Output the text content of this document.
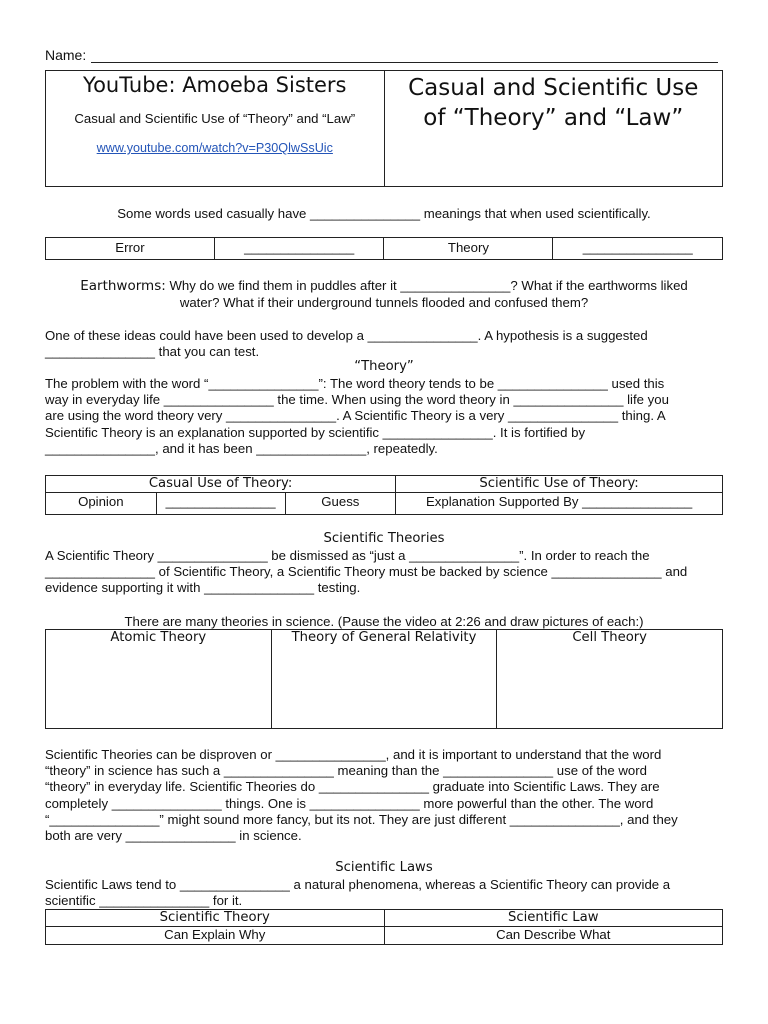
Name:
YouTube: Amoeba Sisters
Casual and Scientific Use of “Theory” and “Law”
www.youtube.com/watch?v=P30QlwSsUic

Casual and Scientific Use
of “Theory” and “Law”
Some words used casually have _______________ meanings that when used scientifically.
Error	_______________	Theory	_______________
Earthworms: Why do we find them in puddles after it _______________? What if the earthworms liked
water? What if their underground tunnels flooded and confused them?
One of these ideas could have been used to develop a _______________. A hypothesis is a suggested
_______________ that you can test.
“Theory”
The problem with the word “_______________”: The word theory tends to be _______________ used this
way in everyday life _______________ the time. When using the word theory in _______________ life you
are using the word theory very _______________. A Scientific Theory is a very _______________ thing. A
Scientific Theory is an explanation supported by scientific _______________. It is fortified by
_______________, and it has been _______________, repeatedly.
Casual Use of Theory:			Scientific Use of Theory:
Opinion	_______________	Guess	Explanation Supported By _______________
Scientific Theories
A Scientific Theory _______________ be dismissed as “just a _______________”. In order to reach the
_______________ of Scientific Theory, a Scientific Theory must be backed by science _______________ and
evidence supporting it with _______________ testing.
There are many theories in science. (Pause the video at 2:26 and draw pictures of each:)
Atomic Theory	Theory of General Relativity	Cell Theory
Scientific Theories can be disproven or _______________, and it is important to understand that the word
“theory” in science has such a _______________ meaning than the _______________ use of the word
“theory” in everyday life. Scientific Theories do _______________ graduate into Scientific Laws. They are
completely _______________ things. One is _______________ more powerful than the other. The word
“_______________” might sound more fancy, but its not. They are just different _______________, and they
both are very _______________ in science.
Scientific Laws
Scientific Laws tend to _______________ a natural phenomena, whereas a Scientific Theory can provide a
scientific _______________ for it.
Scientific Theory	Scientific Law
Can Explain Why	Can Describe What
